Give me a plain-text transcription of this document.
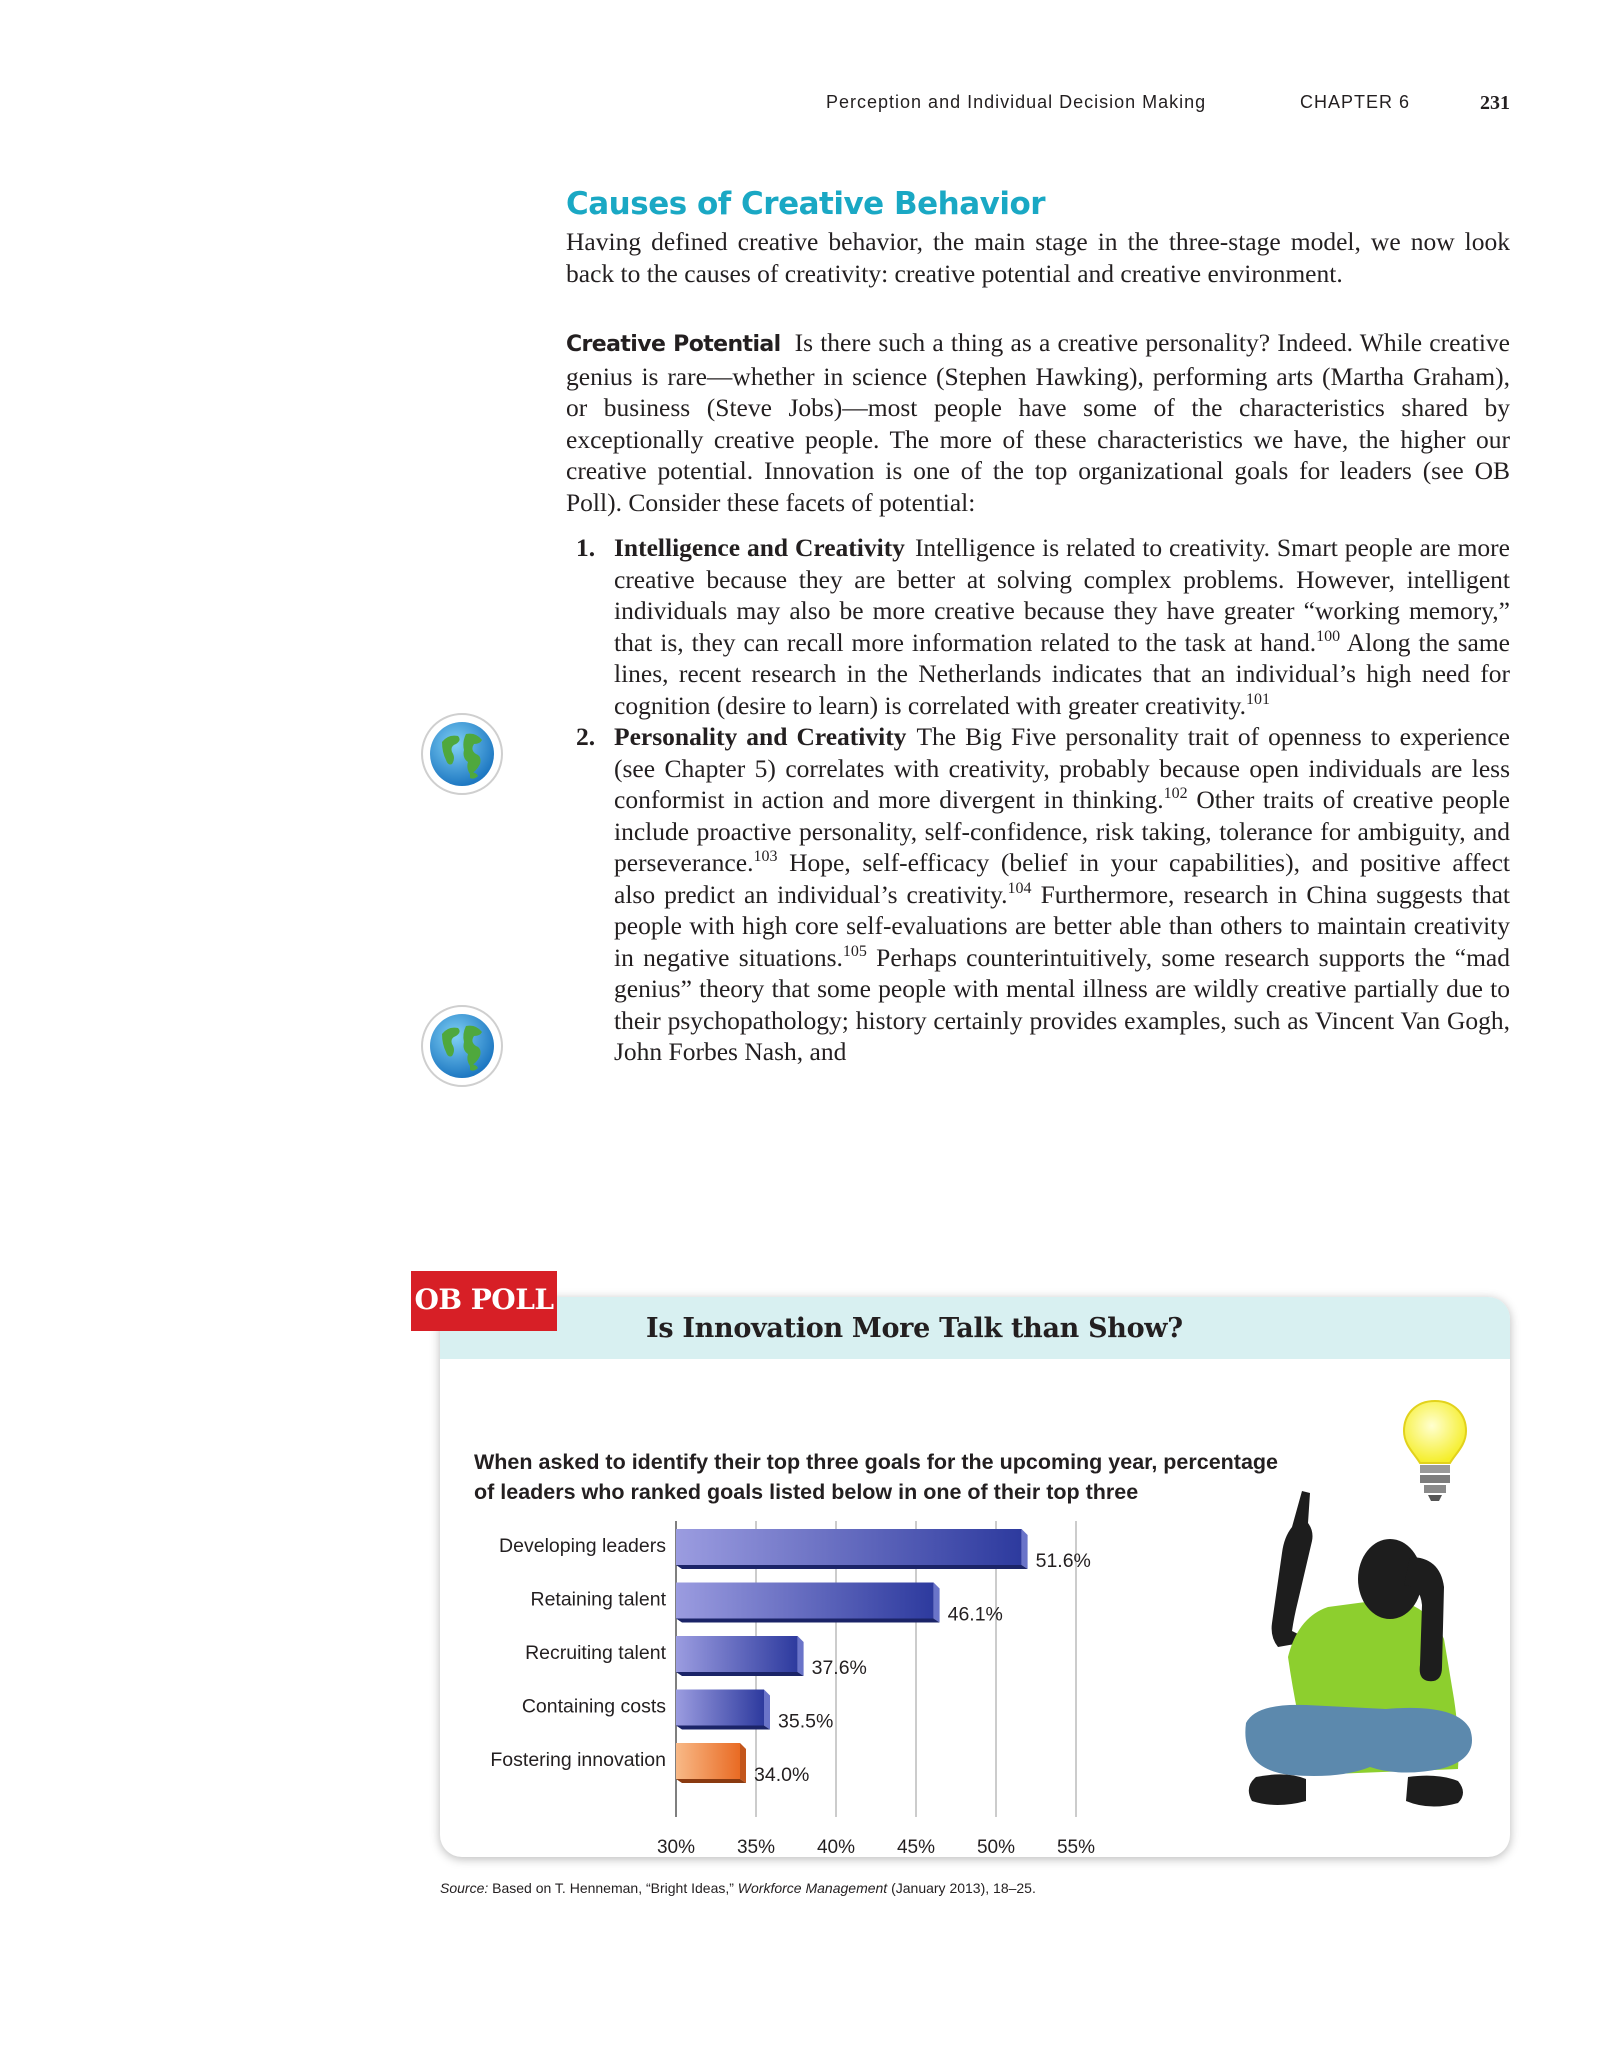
Perception and Individual Decision Making	CHAPTER 6	231
Causes of Creative Behavior

Having defined creative behavior, the main stage in the three-stage model, we now look back to the causes of creativity: creative potential and creative environment.

Creative Potential Is there such a thing as a creative personality? Indeed. While creative genius is rare—whether in science (Stephen Hawking), performing arts (Martha Graham), or business (Steve Jobs)—most people have some of the characteristics shared by exceptionally creative people. The more of these characteristics we have, the higher our creative potential. Innovation is one of the top organizational goals for leaders (see OB Poll). Consider these facets of potential:

1. Intelligence and Creativity Intelligence is related to creativity. Smart people are more creative because they are better at solving complex problems. However, intelligent individuals may also be more creative because they have greater “working memory,” that is, they can recall more information related to the task at hand.$^{100}$ Along the same lines, recent research in the Netherlands indicates that an individual’s high need for cognition (desire to learn) is correlated with greater creativity.$^{101}$
2. Personality and Creativity The Big Five personality trait of openness to experience (see Chapter 5) correlates with creativity, probably because open individuals are less conformist in action and more divergent in thinking.$^{102}$ Other traits of creative people include proactive personality, self-confidence, risk taking, tolerance for ambiguity, and perseverance.$^{103}$ Hope, self-efficacy (belief in your capabilities), and positive affect also predict an individual’s creativity.$^{104}$ Furthermore, research in China suggests that people with high core self-evaluations are better able than others to maintain creativity in negative situations.$^{105}$ Perhaps counterintuitively, some research supports the “mad genius” theory that some people with mental illness are wildly creative partially due to their psychopathology; history certainly provides examples, such as Vincent Van Gogh, John Forbes Nash, and
Is Innovation More Talk than Show?
When asked to identify their top three goals for the upcoming year, percentage
of leaders who ranked goals listed below in one of their top three
Developing leaders
51.6%
Retaining talent
46.1%
Recruiting talent
37.6%
Containing costs
35.5%
Fostering innovation
34.0%
30% 35% 40% 45% 50% 55%
OB POLL
Source: Based on T. Henneman, “Bright Ideas,” Workforce Management (January 2013), 18–25.
